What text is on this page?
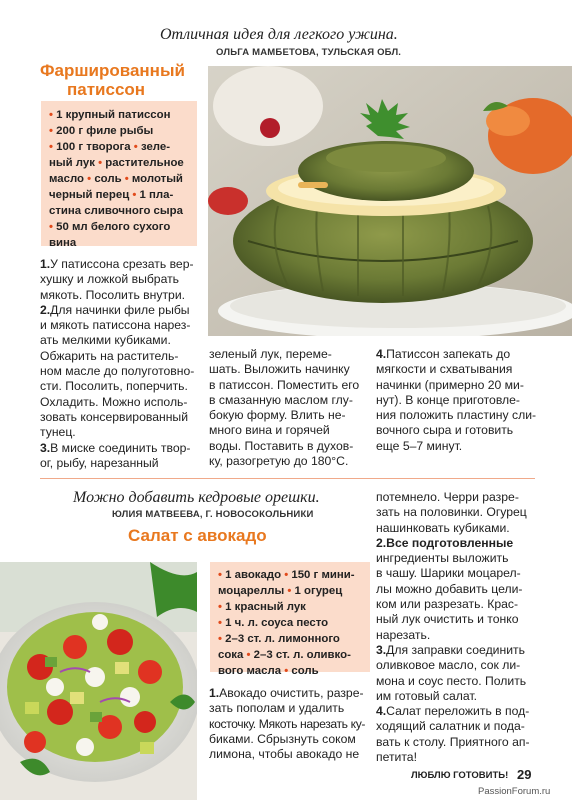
Отличная идея для легкого ужина.
ОЛЬГА МАМБЕТОВА, ТУЛЬСКАЯ ОБЛ.
Фаршированный
патиссон
• 1 крупный патиссон
• 200 г филе рыбы
• 100 г творога • зеле-
ный лук • растительное
масло • соль • молотый
черный перец • 1 пла-
стина сливочного сыра
• 50 мл белого сухого
вина
1.У патиссона срезать вер-
хушку и ложкой выбрать
мякоть. Посолить внутри.
2.Для начинки филе рыбы
и мякоть патиссона нарез-
ать мелкими кубиками.
Обжарить на раститель-
ном масле до полуготовно-
сти. Посолить, поперчить.
Охладить. Можно исполь-
зовать консервированный
тунец.
3.В миске соединить твор-
ог, рыбу, нарезанный
зеленый лук, переме-
шать. Выложить начинку
в патиссон. Поместить его
в смазанную маслом глу-
бокую форму. Влить не-
много вина и горячей
воды. Поставить в духов-
ку, разогретую до 180°С.
4.Патиссон запекать до
мягкости и схватывания
начинки (примерно 20 ми-
нут). В конце приготовле-
ния положить пластину сли-
вочного сыра и готовить
еще 5–7 минут.
Можно добавить кедровые орешки.
ЮЛИЯ МАТВЕЕВА, Г. НОВОСОКОЛЬНИКИ
Салат с авокадо
• 1 авокадо • 150 г мини-
моцареллы • 1 огурец
• 1 красный лук
• 1 ч. л. соуса песто
• 2–3 ст. л. лимонного
сока • 2–3 ст. л. оливко-
вого масла • соль
1.Авокадо очистить, разре-
зать пополам и удалить
косточку. Мякоть нарезать ку-
биками. Сбрызнуть соком
лимона, чтобы авокадо не
потемнело. Черри разре-
зать на половинки. Огурец
нашинковать кубиками.
2.Все подготовленные
ингредиенты выложить
в чашу. Шарики моцарел-
лы можно добавить цели-
ком или разрезать. Крас-
ный лук очистить и тонко
нарезать.
3.Для заправки соединить
оливковое масло, сок ли-
мона и соус песто. Полить
им готовый салат.
4.Салат переложить в под-
ходящий салатник и пода-
вать к столу. Приятного ап-
петита!
ЛЮБЛЮ ГОТОВИТЬ! 29
PassionForum.ru
